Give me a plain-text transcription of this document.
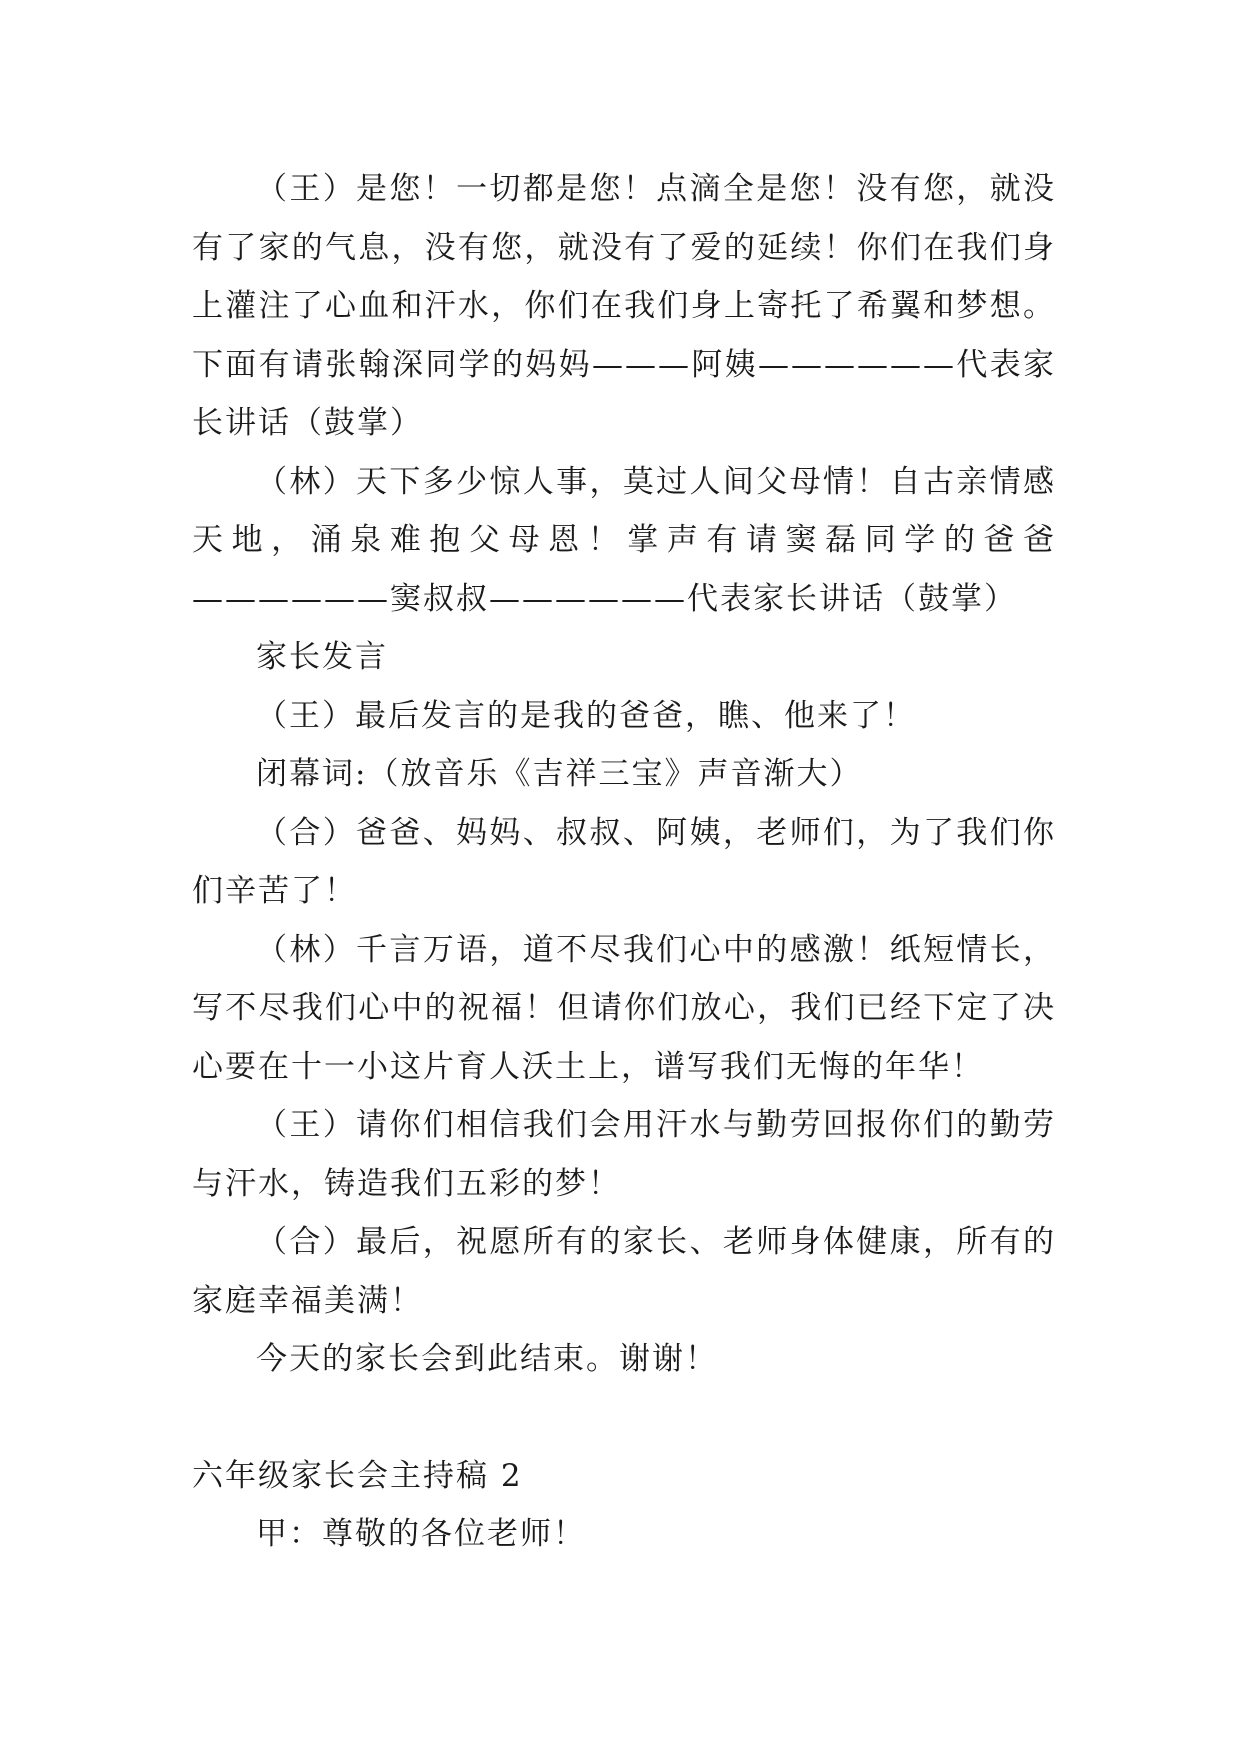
（王）是您！一切都是您！点滴全是您！没有您，就没有了家的气息，没有您，就没有了爱的延续！你们在我们身上灌注了心血和汗水，你们在我们身上寄托了希翼和梦想。下面有请张翰深同学的妈妈———阿姨——————代表家长讲话（鼓掌）

（林）天下多少惊人事，莫过人间父母情！自古亲情感天地，涌泉难抱父母恩！掌声有请窦磊同学的爸爸——————窦叔叔——————代表家长讲话（鼓掌）

家长发言

（王）最后发言的是我的爸爸，瞧、他来了！

闭幕词:（放音乐《吉祥三宝》声音渐大）

（合）爸爸、妈妈、叔叔、阿姨，老师们，为了我们你们辛苦了！

（林）千言万语，道不尽我们心中的感激！纸短情长，写不尽我们心中的祝福！但请你们放心，我们已经下定了决心要在十一小这片育人沃土上，谱写我们无悔的年华！

（王）请你们相信我们会用汗水与勤劳回报你们的勤劳与汗水，铸造我们五彩的梦！

（合）最后，祝愿所有的家长、老师身体健康，所有的家庭幸福美满！

今天的家长会到此结束。谢谢！

六年级家长会主持稿 2

甲：尊敬的各位老师！
